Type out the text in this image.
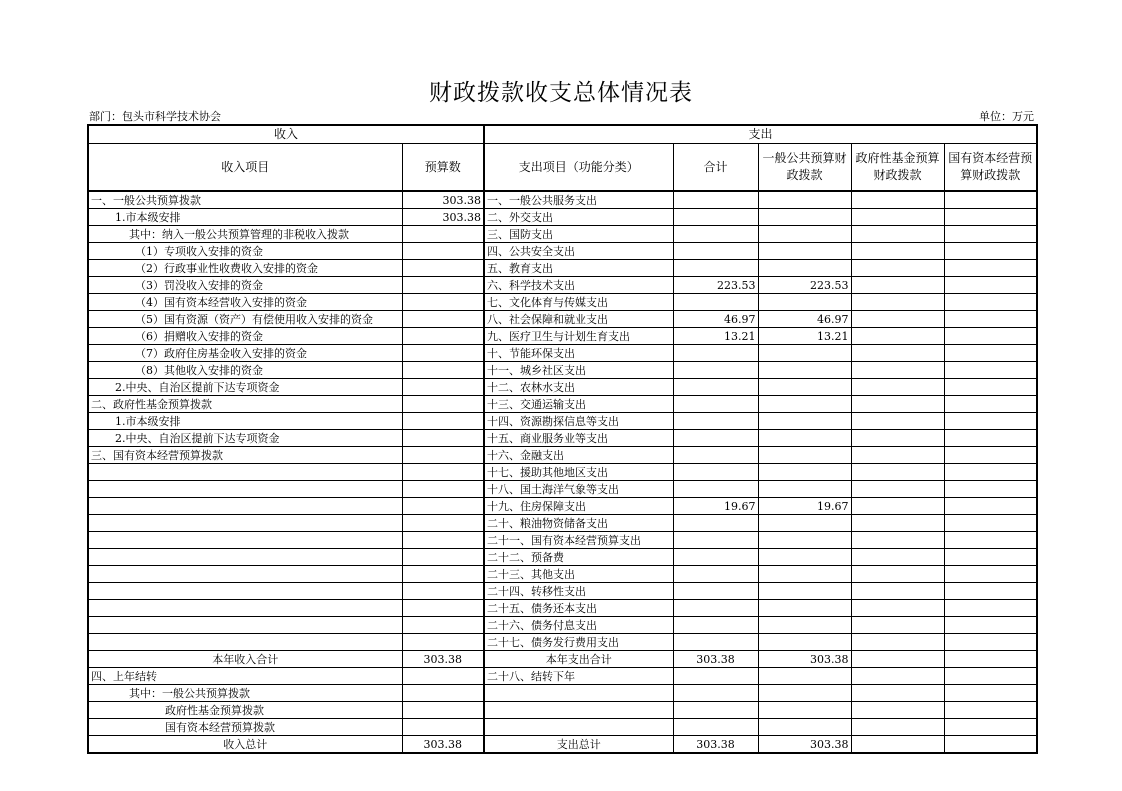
财政拨款收支总体情况表
部门：包头市科学技术协会	单位：万元
收入		支出				
收入项目	预算数	支出项目（功能分类）	合计	一般公共预算财政拨款	政府性基金预算财政拨款	国有资本经营预算财政拨款
一、一般公共预算拨款	303.38	一、一般公共服务支出				
1.市本级安排	303.38	二、外交支出				
其中：纳入一般公共预算管理的非税收入拨款		三、国防支出				
（1）专项收入安排的资金		四、公共安全支出				
（2）行政事业性收费收入安排的资金		五、教育支出				
（3）罚没收入安排的资金		六、科学技术支出	223.53	223.53		
（4）国有资本经营收入安排的资金		七、文化体育与传媒支出				
（5）国有资源（资产）有偿使用收入安排的资金		八、社会保障和就业支出	46.97	46.97		
（6）捐赠收入安排的资金		九、医疗卫生与计划生育支出	13.21	13.21		
（7）政府住房基金收入安排的资金		十、节能环保支出				
（8）其他收入安排的资金		十一、城乡社区支出				
2.中央、自治区提前下达专项资金		十二、农林水支出				
二、政府性基金预算拨款		十三、交通运输支出				
1.市本级安排		十四、资源勘探信息等支出				
2.中央、自治区提前下达专项资金		十五、商业服务业等支出				
三、国有资本经营预算拨款		十六、金融支出				
		十七、援助其他地区支出				
		十八、国土海洋气象等支出				
		十九、住房保障支出	19.67	19.67		
		二十、粮油物资储备支出				
		二十一、国有资本经营预算支出				
		二十二、预备费				
		二十三、其他支出				
		二十四、转移性支出				
		二十五、债务还本支出				
		二十六、债务付息支出				
		二十七、债务发行费用支出				
本年收入合计	303.38	本年支出合计	303.38	303.38		
四、上年结转		二十八、结转下年				
其中：一般公共预算拨款						
政府性基金预算拨款						
国有资本经营预算拨款						
收入总计	303.38	支出总计	303.38	303.38		
